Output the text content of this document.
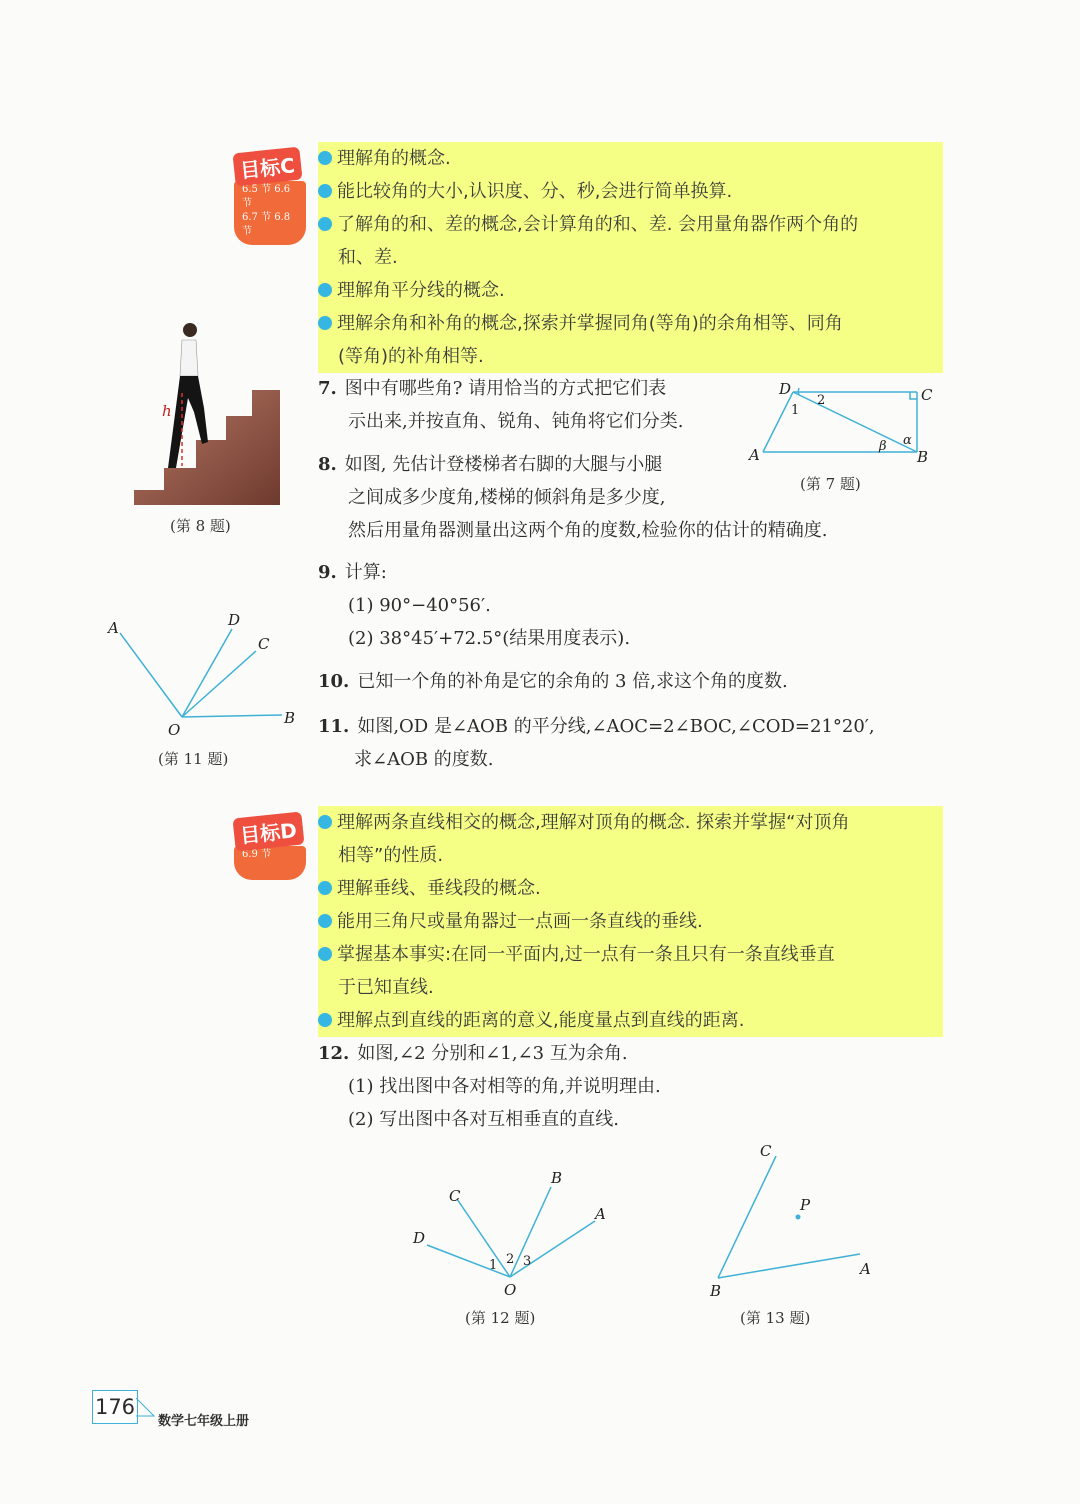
目标C
6.5 节 6.6 节
6.7 节 6.8 节
理解角的概念.
能比较角的大小,认识度、分、秒,会进行简单换算.
了解角的和、差的概念,会计算角的和、差. 会用量角器作两个角的
和、差.
理解角平分线的概念.
理解余角和补角的概念,探索并掌握同角(等角)的余角相等、同角
(等角)的补角相等.
h
(第 8 题)
7. 图中有哪些角? 请用恰当的方式把它们表
示出来,并按直角、锐角、钝角将它们分类.
D	C
A	B
1
2
β α
(第 7 题)
8. 如图, 先估计登楼梯者右脚的大腿与小腿
之间成多少度角,楼梯的倾斜角是多少度,
然后用量角器测量出这两个角的度数,检验你的估计的精确度.
9. 计算:
(1) 90°−40°56′.
(2) 38°45′+72.5°(结果用度表示).
A	D
C
O
B
(第 11 题)
10. 已知一个角的补角是它的余角的 3 倍,求这个角的度数.
11. 如图,OD 是∠AOB 的平分线,∠AOC=2∠BOC,∠COD=21°20′,
求∠AOB 的度数.
目标D
6.9 节
理解两条直线相交的概念,理解对顶角的概念. 探索并掌握“对顶角
相等”的性质.
理解垂线、垂线段的概念.
能用三角尺或量角器过一点画一条直线的垂线.
掌握基本事实:在同一平面内,过一点有一条且只有一条直线垂直
于已知直线.
理解点到直线的距离的意义,能度量点到直线的距离.
12. 如图,∠2 分别和∠1,∠3 互为余角.
(1) 找出图中各对相等的角,并说明理由.
(2) 写出图中各对互相垂直的直线.
C
B
A
D
1 2 3
O
(第 12 题)
C
P
B
A
(第 13 题)
176
数学七年级上册
